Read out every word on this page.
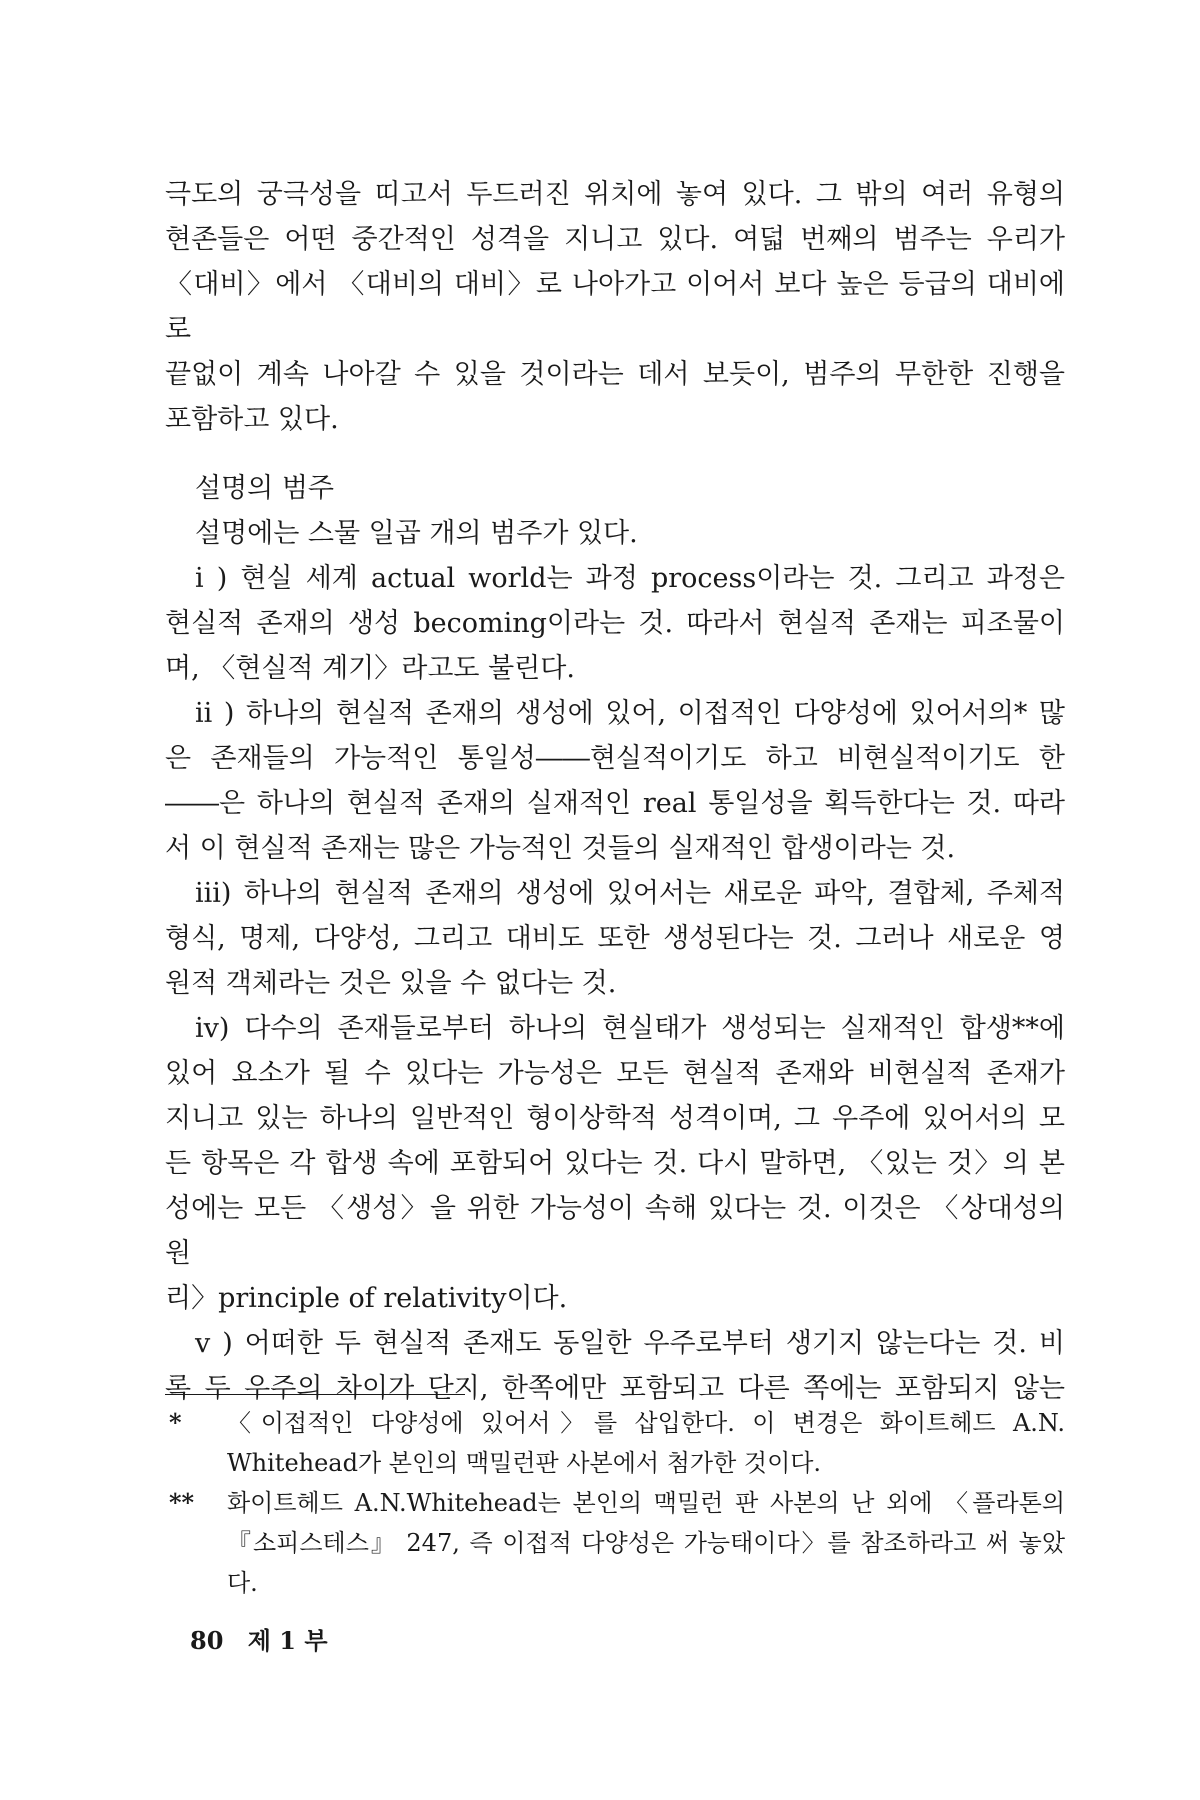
극도의 궁극성을 띠고서 두드러진 위치에 놓여 있다. 그 밖의 여러 유형의

현존들은 어떤 중간적인 성격을 지니고 있다. 여덟 번째의 범주는 우리가

〈대비〉에서 〈대비의 대비〉로 나아가고 이어서 보다 높은 등급의 대비에로

끝없이 계속 나아갈 수 있을 것이라는 데서 보듯이, 범주의 무한한 진행을

포함하고 있다.

설명의 범주

설명에는 스물 일곱 개의 범주가 있다.

i ) 현실 세계 actual world는 과정 process이라는 것. 그리고 과정은

현실적 존재의 생성 becoming이라는 것. 따라서 현실적 존재는 피조물이

며, 〈현실적 계기〉라고도 불린다.

ii ) 하나의 현실적 존재의 생성에 있어, 이접적인 다양성에 있어서의* 많

은 존재들의 가능적인 통일성――현실적이기도 하고 비현실적이기도 한

――은 하나의 현실적 존재의 실재적인 real 통일성을 획득한다는 것. 따라

서 이 현실적 존재는 많은 가능적인 것들의 실재적인 합생이라는 것.

iii) 하나의 현실적 존재의 생성에 있어서는 새로운 파악, 결합체, 주체적

형식, 명제, 다양성, 그리고 대비도 또한 생성된다는 것. 그러나 새로운 영

원적 객체라는 것은 있을 수 없다는 것.

iv) 다수의 존재들로부터 하나의 현실태가 생성되는 실재적인 합생**에

있어 요소가 될 수 있다는 가능성은 모든 현실적 존재와 비현실적 존재가

지니고 있는 하나의 일반적인 형이상학적 성격이며, 그 우주에 있어서의 모

든 항목은 각 합생 속에 포함되어 있다는 것. 다시 말하면, 〈있는 것〉의 본

성에는 모든 〈생성〉을 위한 가능성이 속해 있다는 것. 이것은 〈상대성의 원

리〉principle of relativity이다.

v ) 어떠한 두 현실적 존재도 동일한 우주로부터 생기지 않는다는 것. 비

록 두 우주의 차이가 단지, 한쪽에만 포함되고 다른 쪽에는 포함되지 않는

*	〈이접적인 다양성에 있어서〉를 삽입한다. 이 변경은 화이트헤드 A.N. Whitehead가 본인의 맥밀런판 사본에서 첨가한 것이다.
**	화이트헤드 A.N.Whitehead는 본인의 맥밀런 판 사본의 난 외에 〈플라톤의 『소피스테스』 247, 즉 이접적 다양성은 가능태이다〉를 참조하라고 써 놓았다.
80 제 1 부
